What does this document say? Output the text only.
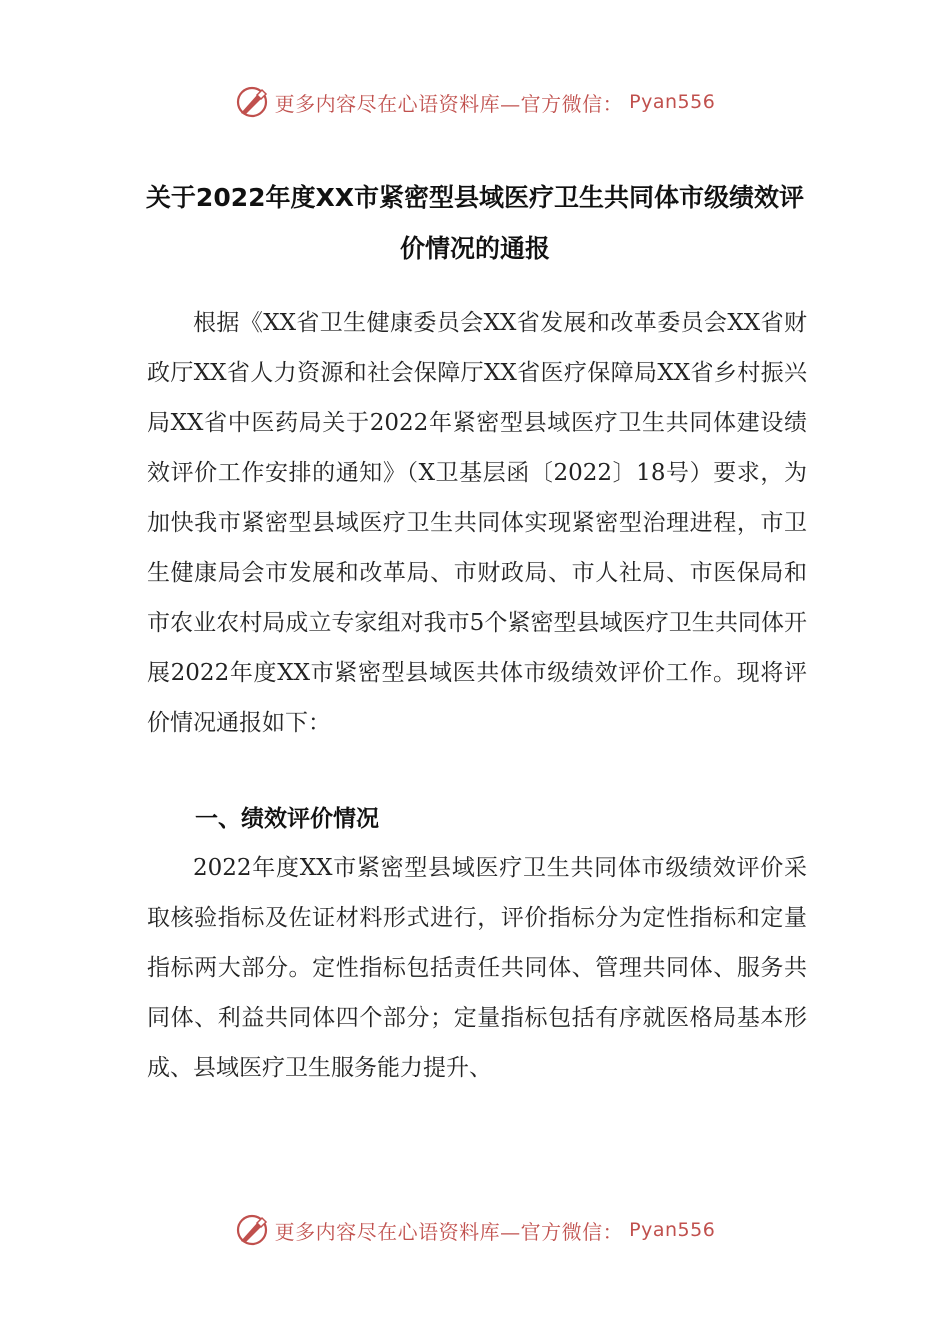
更多内容尽在心语资料库—官方微信： Pyan556
关于2022年度XX市紧密型县域医疗卫生共同体市级绩效评价情况的通报
根据《XX省卫生健康委员会XX省发展和改革委员会XX省财政厅XX省人力资源和社会保障厅XX省医疗保障局XX省乡村振兴局XX省中医药局关于2022年紧密型县域医疗卫生共同体建设绩效评价工作安排的通知》（X卫基层函〔2022〕18号）要求，为加快我市紧密型县域医疗卫生共同体实现紧密型治理进程，市卫生健康局会市发展和改革局、市财政局、市人社局、市医保局和市农业农村局成立专家组对我市5个紧密型县域医疗卫生共同体开展2022年度XX市紧密型县域医共体市级绩效评价工作。现将评价情况通报如下：
一、绩效评价情况
2022年度XX市紧密型县域医疗卫生共同体市级绩效评价采取核验指标及佐证材料形式进行，评价指标分为定性指标和定量指标两大部分。定性指标包括责任共同体、管理共同体、服务共同体、利益共同体四个部分；定量指标包括有序就医格局基本形成、县域医疗卫生服务能力提升、
更多内容尽在心语资料库—官方微信： Pyan556
